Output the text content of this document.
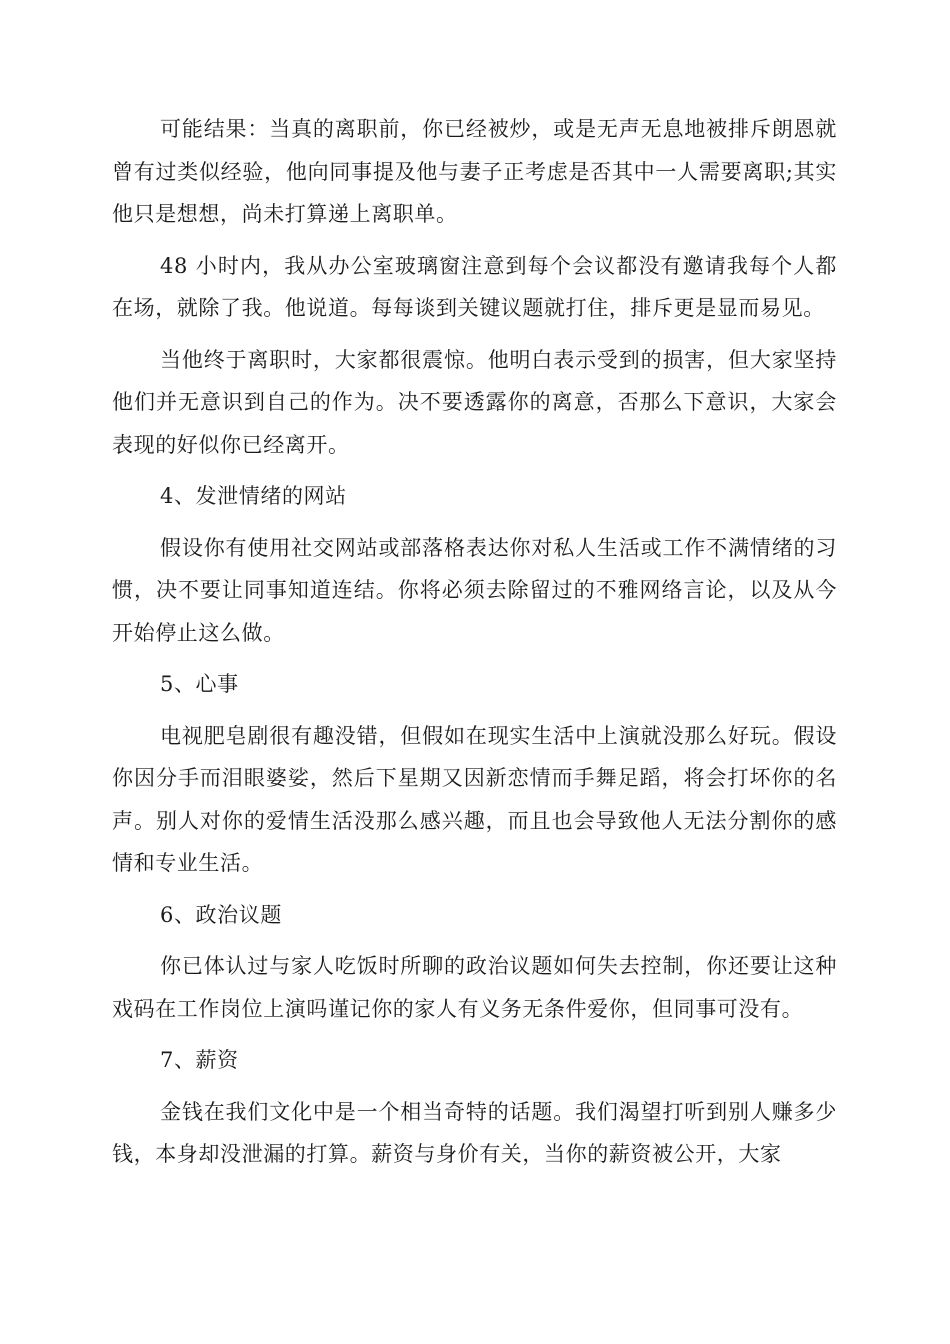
可能结果：当真的离职前，你已经被炒，或是无声无息地被排斥朗恩就曾有过类似经验，他向同事提及他与妻子正考虑是否其中一人需要离职;其实他只是想想，尚未打算递上离职单。

48 小时内，我从办公室玻璃窗注意到每个会议都没有邀请我每个人都在场，就除了我。他说道。每每谈到关键议题就打住，排斥更是显而易见。

当他终于离职时，大家都很震惊。他明白表示受到的损害，但大家坚持他们并无意识到自己的作为。决不要透露你的离意，否那么下意识，大家会表现的好似你已经离开。

4、发泄情绪的网站

假设你有使用社交网站或部落格表达你对私人生活或工作不满情绪的习惯，决不要让同事知道连结。你将必须去除留过的不雅网络言论，以及从今开始停止这么做。

5、心事

电视肥皂剧很有趣没错，但假如在现实生活中上演就没那么好玩。假设你因分手而泪眼婆娑，然后下星期又因新恋情而手舞足蹈，将会打坏你的名声。别人对你的爱情生活没那么感兴趣，而且也会导致他人无法分割你的感情和专业生活。

6、政治议题

你已体认过与家人吃饭时所聊的政治议题如何失去控制，你还要让这种戏码在工作岗位上演吗谨记你的家人有义务无条件爱你，但同事可没有。

7、薪资

金钱在我们文化中是一个相当奇特的话题。我们渴望打听到别人赚多少钱，本身却没泄漏的打算。薪资与身价有关，当你的薪资被公开，大家
